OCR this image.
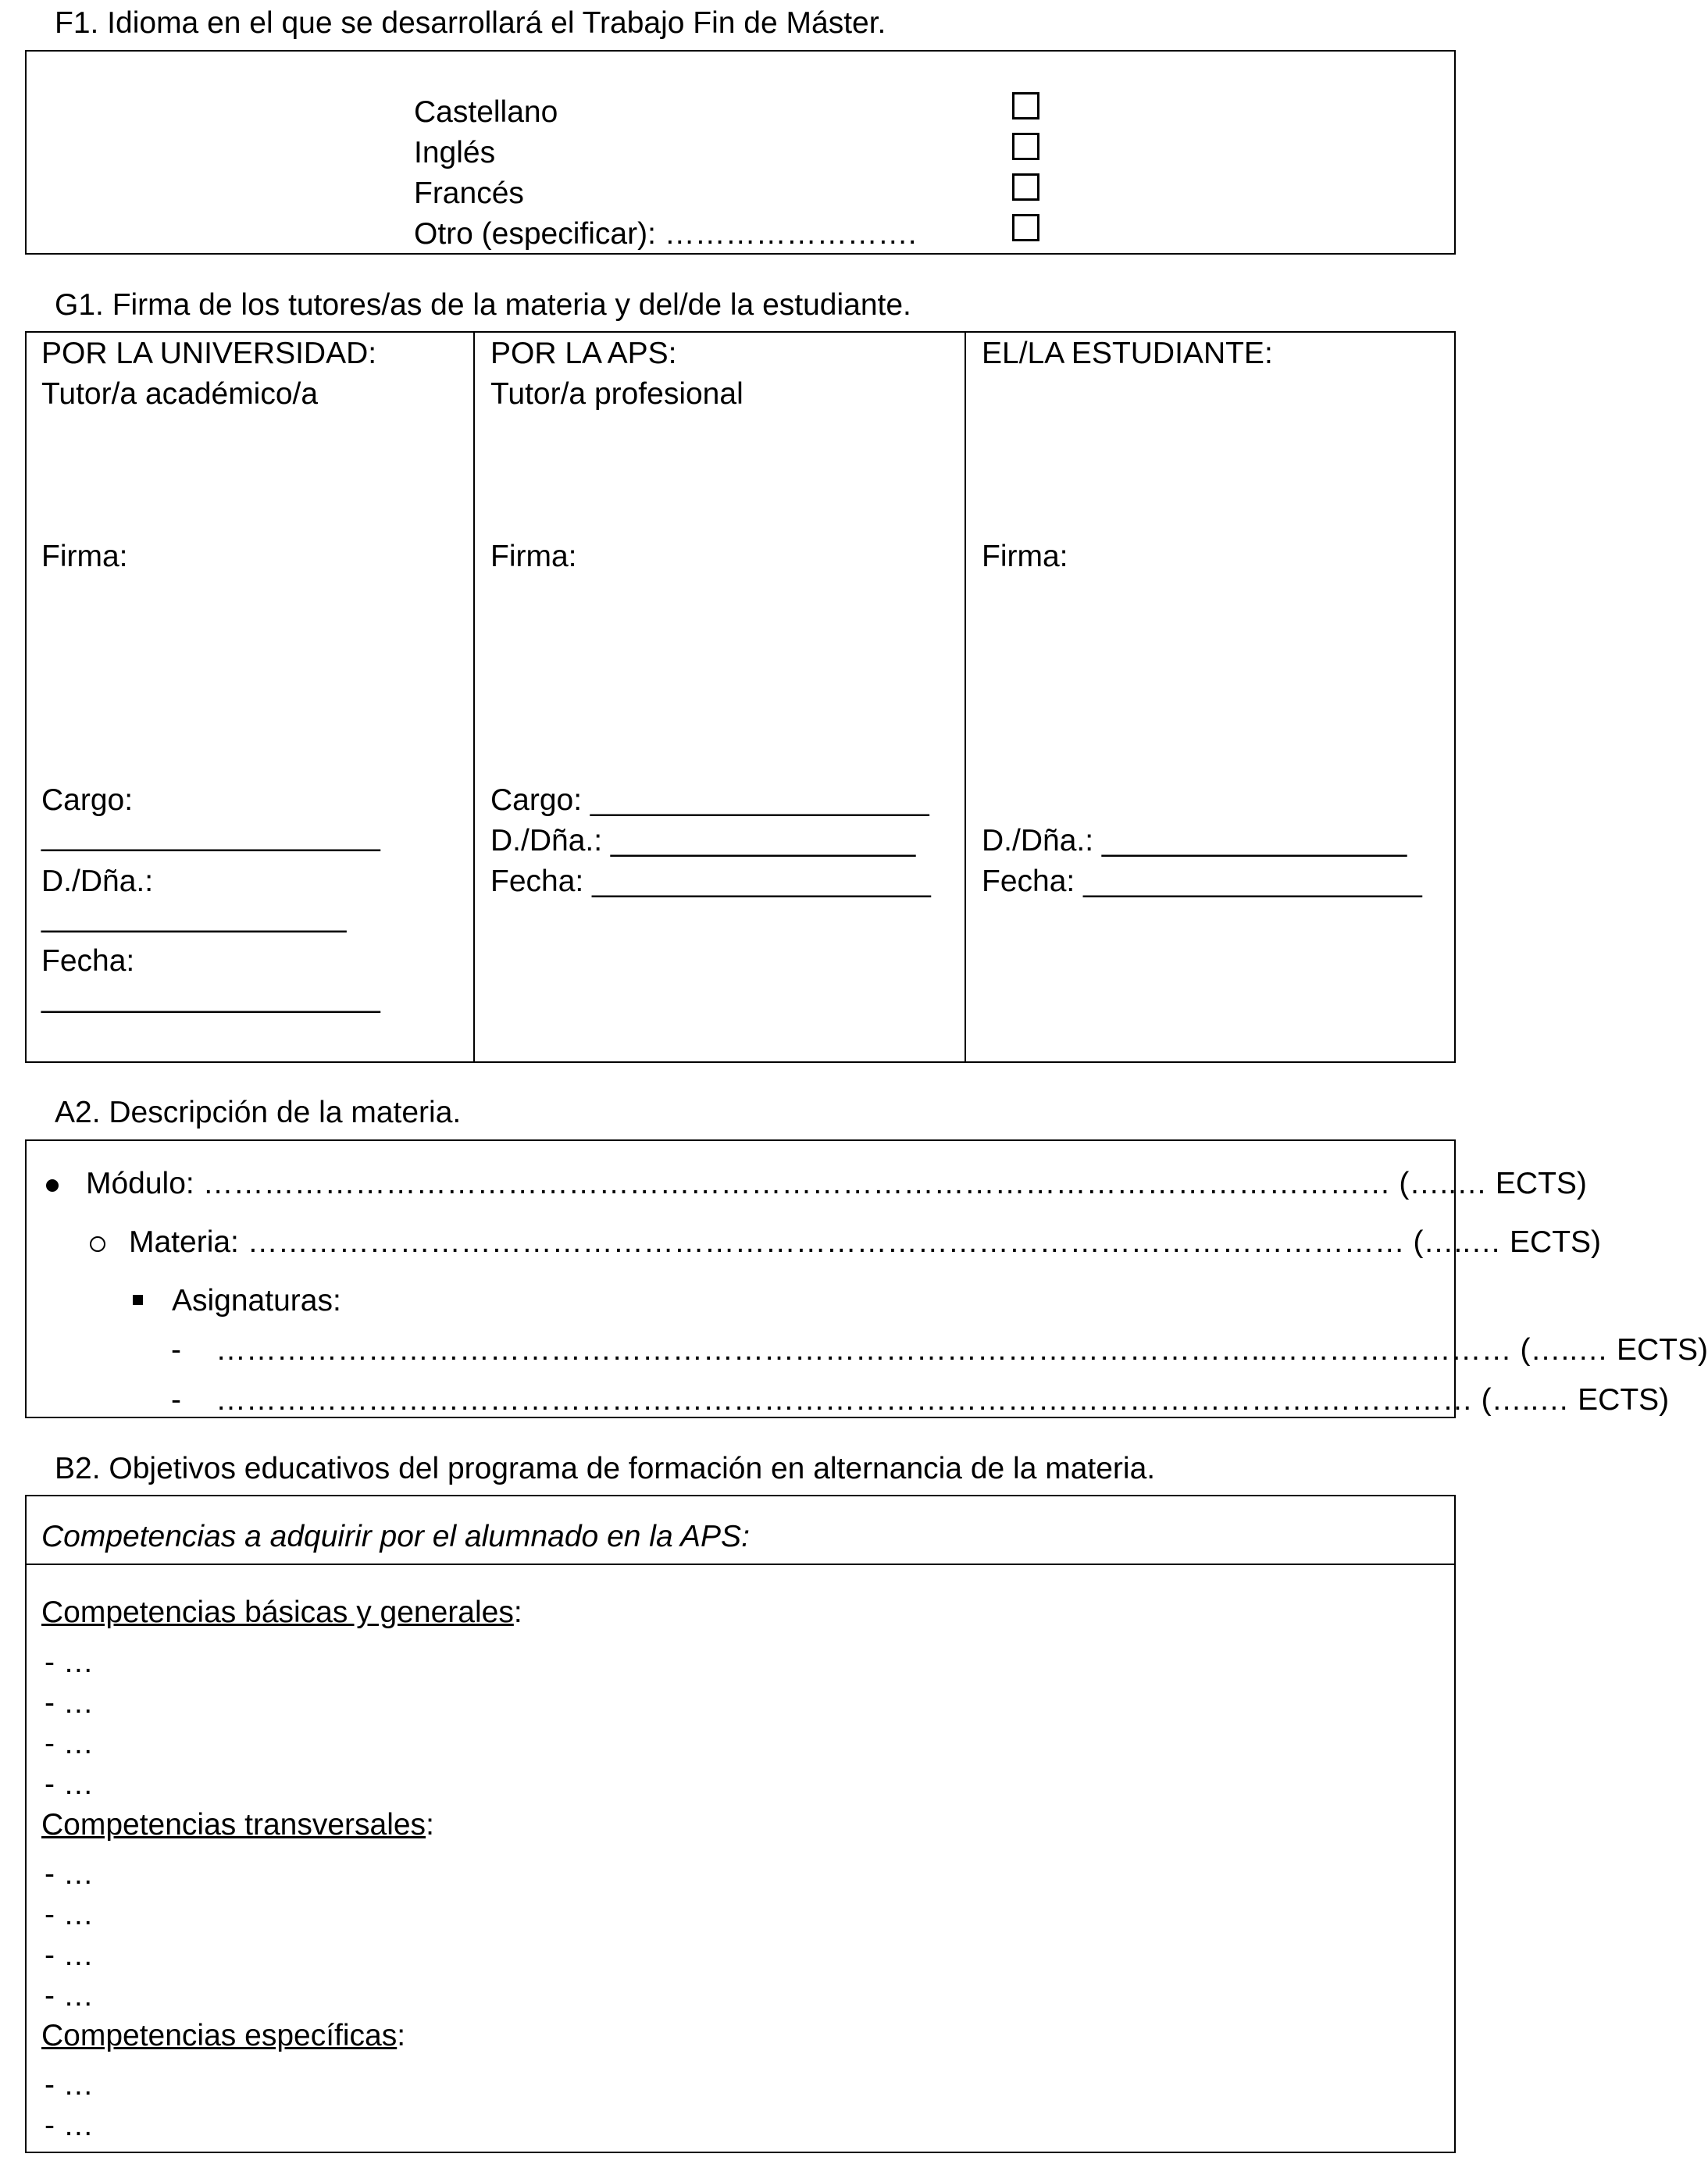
F1. Idioma en el que se desarrollará el Trabajo Fin de Máster.
Castellano
Inglés
Francés
Otro (especificar): …………………….
G1. Firma de los tutores/as de la materia y del/de la estudiante.
POR LA UNIVERSIDAD:
Tutor/a académico/a
Firma:
Cargo:
____________________
D./Dña.:
__________________
Fecha:
____________________
POR LA APS:
Tutor/a profesional
Firma:
Cargo: ____________________
D./Dña.: __________________
Fecha: ____________________
EL/LA ESTUDIANTE:
Firma:
D./Dña.: __________________
Fecha: ____________________
A2. Descripción de la materia.
Módulo: ……………………………………………………………………………………………………… (…..… ECTS)
Materia: …………………………………………………………………………………………………… (…..… ECTS)
Asignaturas:
- …………………………………………………………………………………………..…………………… (…..… ECTS)
- ……………………………………………………………………………………………….…………… (…..… ECTS)
B2. Objetivos educativos del programa de formación en alternancia de la materia.
Competencias a adquirir por el alumnado en la APS:
Competencias básicas y generales:
- …
- …
- …
- …
Competencias transversales:
- …
- …
- …
- …
Competencias específicas:
- …
- …
